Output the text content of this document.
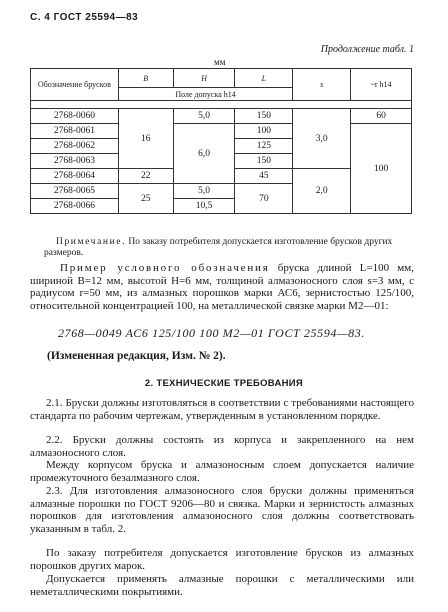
С. 4 ГОСТ 25594—83
Продолжение табл. 1
мм
Обозначение брусков	В	Н	L	s	~r h14
	Поле допуска h14				

2768-0060	16	5,0	150	3,0	60
2768-0061		6,0	100		100
2768-0062			125		
2768-0063			150		
2768-0064	22		45	2,0	
2768-0065	25	5,0	70		
2768-0066		10,5			
Примечание. По заказу потребителя допускается изготовление брусков других размеров.
Пример условного обозначения бруска длиной L=100 мм, шириной В=12 мм, высотой Н=6 мм, толщиной алмазоносного слоя s=3 мм, с радиусом r=50 мм, из алмазных порошков марки АС6, зернистостью 125/100, относительной концентрацией 100, на металлической связке марки М2—01:
2768—0049 АС6 125/100 100 М2—01 ГОСТ 25594—83.
(Измененная редакция, Изм. № 2).
2. ТЕХНИЧЕСКИЕ ТРЕБОВАНИЯ

2.1. Бруски должны изготовляться в соответствии с требованиями настоящего стандарта по рабочим чертежам, утвержденным в установленном порядке.

2.2. Бруски должны состоять из корпуса и закрепленного на нем алмазоносного слоя.

Между корпусом бруска и алмазоносным слоем допускается наличие промежуточного безалмазного слоя.

2.3. Для изготовления алмазоносного слоя бруски должны применяться алмазные порошки по ГОСТ 9206—80 и связка. Марки и зернистость алмазных порошков для изготовления алмазоносного слоя должны соответствовать указанным в табл. 2.

По заказу потребителя допускается изготовление брусков из алмазных порошков других марок.

Допускается применять алмазные порошки с металлическими или неметаллическими покрытиями.
